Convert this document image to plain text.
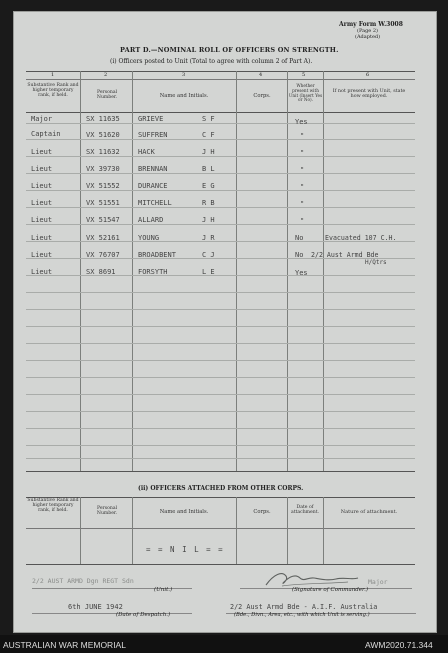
Army Form W.3008
(Page 2)
(Adapted)
PART D.—NOMINAL ROLL OF OFFICERS ON STRENGTH.
(i) Officers posted to Unit (Total to agree with column 2 of Part A).
1	2	3	4	5	6
Substantive Rank and higher temporary rank, if held.
Personal Number.	Name and Initials.	Corps.
Whether present with Unit (Insert Yes or No).
If not present with Unit, state how employed.
Major	SX 11635	GRIEVE	S F	Yes
Captain	VX 51620	SUFFREN	C F	"
Lieut	SX 11632	HACK	J H	"
Lieut	VX 39730	BRENNAN	B L	"
Lieut	VX 51552	DURANCE	E G	"
Lieut	VX 51551	MITCHELL	R B	"
Lieut	VX 51547	ALLARD	J H	"
Lieut	VX 52161	YOUNG	J R	No	Evacuated 107 C.H.
Lieut	VX 76707	BROADBENT	C J	No 2/2 Aust Armd Bde
H/Qtrs
Lieut	SX 8691	FORSYTH	L E	Yes
(ii) OFFICERS ATTACHED FROM OTHER CORPS.
Substantive Rank and higher temporary rank, if held.	Personal Number.	Name and Initials.	Corps.
Date of attachment.	Nature of attachment.
= = N I L = =
2/2 AUST ARMD Dgn REGT Sdn
(Unit.)
Major
(Signature of Commander.)
6th JUNE 1942
(Date of Despatch.)
2/2 Aust Armd Bde - A.I.F. Australia
(Bde., Divn., Area, etc., with which Unit is serving.)
AUSTRALIAN WAR MEMORIAL	AWM2020.71.344
